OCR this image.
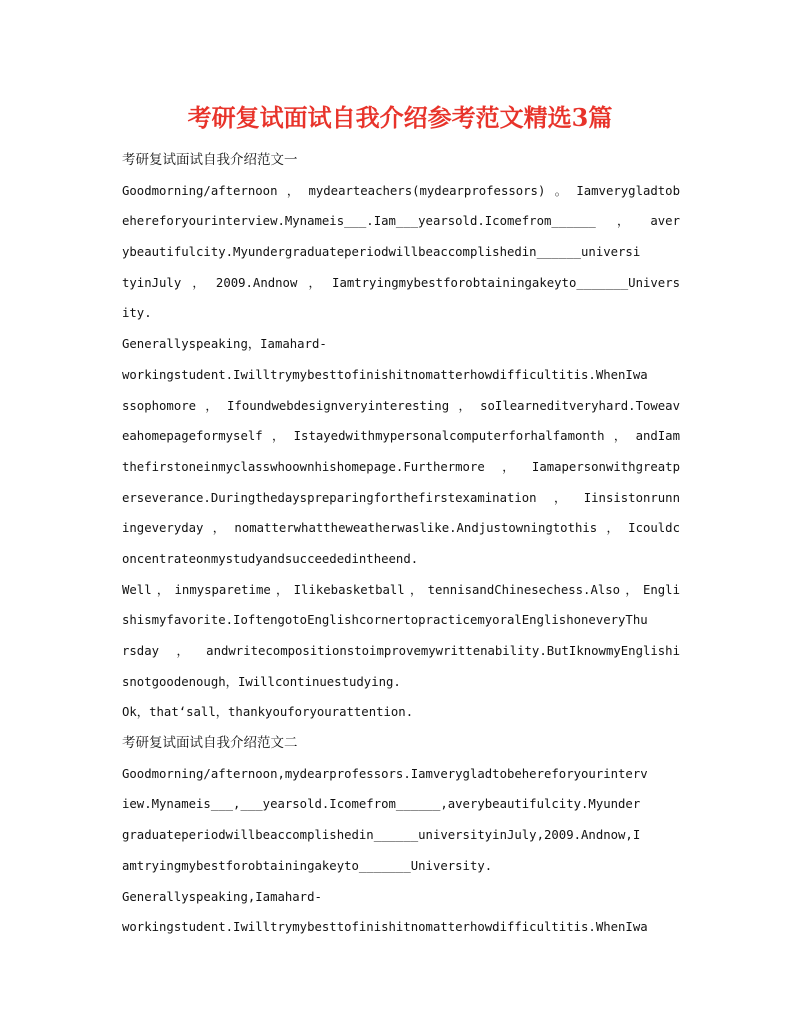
考研复试面试自我介绍参考范文精选3篇
考研复试面试自我介绍范文一
Goodmorning/afternoon，mydearteachers(mydearprofessors)。Iamverygladtob
ehereforyourinterview.Mynameis___.Iam___yearsold.Icomefrom______，aver
ybeautifulcity.Myundergraduateperiodwillbeaccomplishedin______universi
tyinJuly，2009.Andnow，Iamtryingmybestforobtainingakeyto_______Univers
ity.
Generallyspeaking，Iamahard-
workingstudent.Iwilltrymybesttofinishitnomatterhowdifficultitis.WhenIwa
ssophomore，Ifoundwebdesignveryinteresting，soIlearneditveryhard.Toweav
eahomepageformyself，Istayedwithmypersonalcomputerforhalfamonth，andIam
thefirstoneinmyclasswhoownhishomepage.Furthermore，Iamapersonwithgreatp
erseverance.Duringthedayspreparingforthefirstexamination，Iinsistonrunn
ingeveryday，nomatterwhattheweatherwaslike.Andjustowningtothis，Icouldc
oncentrateonmystudyandsucceededintheend.
Well，inmysparetime，Ilikebasketball，tennisandChinesechess.Also，Engli
shismyfavorite.IoftengotoEnglishcornertopracticemyoralEnglishoneveryThu
rsday，andwritecompositionstoimprovemywrittenability.ButIknowmyEnglishi
snotgoodenough，Iwillcontinuestudying.
Ok，that‘sall，thankyouforyourattention.
考研复试面试自我介绍范文二
Goodmorning/afternoon,mydearprofessors.Iamverygladtobehereforyourinterv
iew.Mynameis___,___yearsold.Icomefrom______,averybeautifulcity.Myunder
graduateperiodwillbeaccomplishedin______universityinJuly,2009.Andnow,I
amtryingmybestforobtainingakeyto_______University.
Generallyspeaking,Iamahard-
workingstudent.Iwilltrymybesttofinishitnomatterhowdifficultitis.WhenIwa
